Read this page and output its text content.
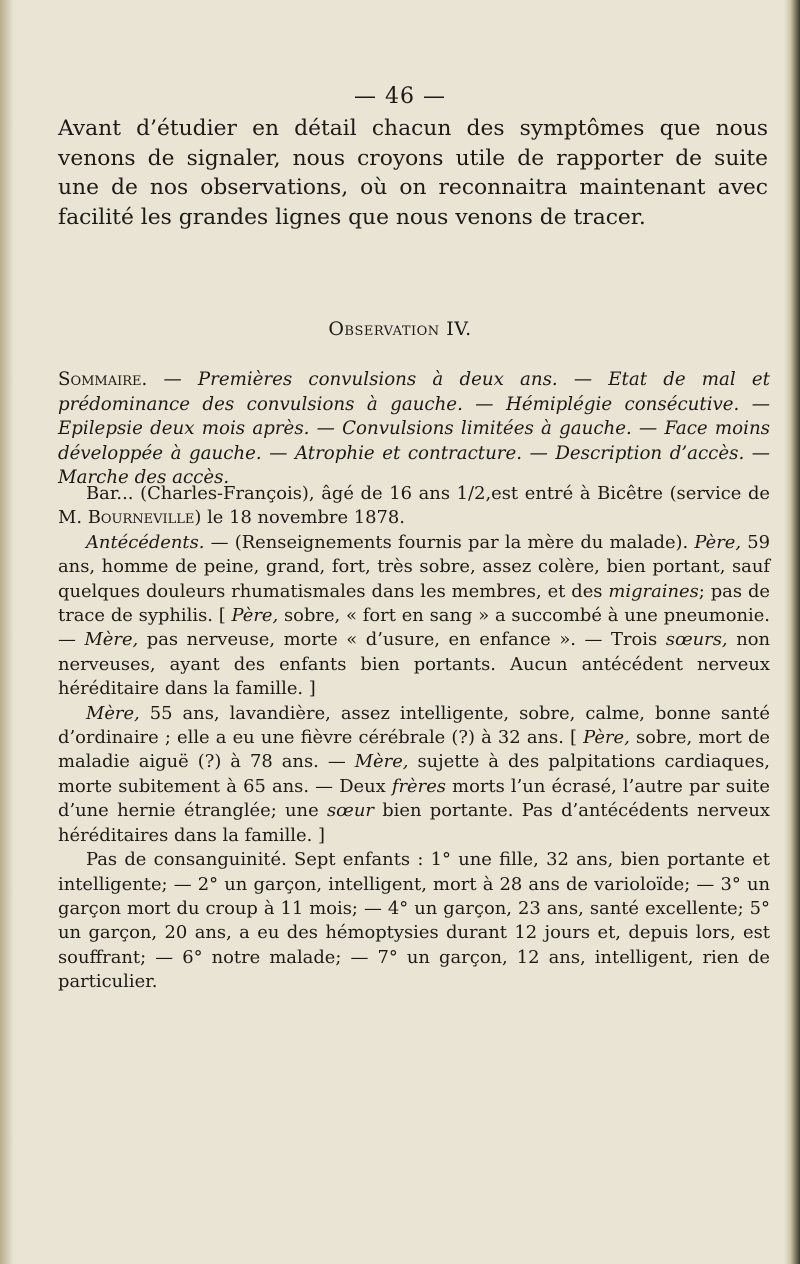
— 46 —
Avant d’étudier en détail chacun des symptômes que nous venons de signaler, nous croyons utile de rapporter de suite une de nos observations, où on reconnaitra maintenant avec facilité les grandes lignes que nous venons de tracer.
Observation IV.
Sommaire. — Premières convulsions à deux ans. — Etat de mal et prédominance des convulsions à gauche. — Hémiplégie consécutive. — Epilepsie deux mois après. — Convulsions limitées à gauche. — Face moins développée à gauche. — Atrophie et contracture. — Description d’accès. — Marche des accès.

Bar... (Charles-François), âgé de 16 ans 1/2,est entré à Bicêtre (service de M. Bourneville) le 18 novembre 1878.

Antécédents. — (Renseignements fournis par la mère du malade). Père, 59 ans, homme de peine, grand, fort, très sobre, assez colère, bien portant, sauf quelques douleurs rhumatismales dans les membres, et des migraines; pas de trace de syphilis. [ Père, sobre, « fort en sang » a succombé à une pneumonie. — Mère, pas nerveuse, morte « d’usure, en enfance ». — Trois sœurs, non nerveuses, ayant des enfants bien portants. Aucun antécédent nerveux héréditaire dans la famille. ]

Mère, 55 ans, lavandière, assez intelligente, sobre, calme, bonne santé d’ordinaire ; elle a eu une fièvre cérébrale (?) à 32 ans. [ Père, sobre, mort de maladie aiguë (?) à 78 ans. — Mère, sujette à des palpitations cardiaques, morte subitement à 65 ans. — Deux frères morts l’un écrasé, l’autre par suite d’une hernie étranglée; une sœur bien portante. Pas d’antécédents nerveux héréditaires dans la famille. ]

Pas de consanguinité. Sept enfants : 1° une fille, 32 ans, bien portante et intelligente; — 2° un garçon, intelligent, mort à 28 ans de varioloïde; — 3° un garçon mort du croup à 11 mois; — 4° un garçon, 23 ans, santé excellente; 5° un garçon, 20 ans, a eu des hémoptysies durant 12 jours et, depuis lors, est souffrant; — 6° notre malade; — 7° un garçon, 12 ans, intelligent, rien de particulier.
